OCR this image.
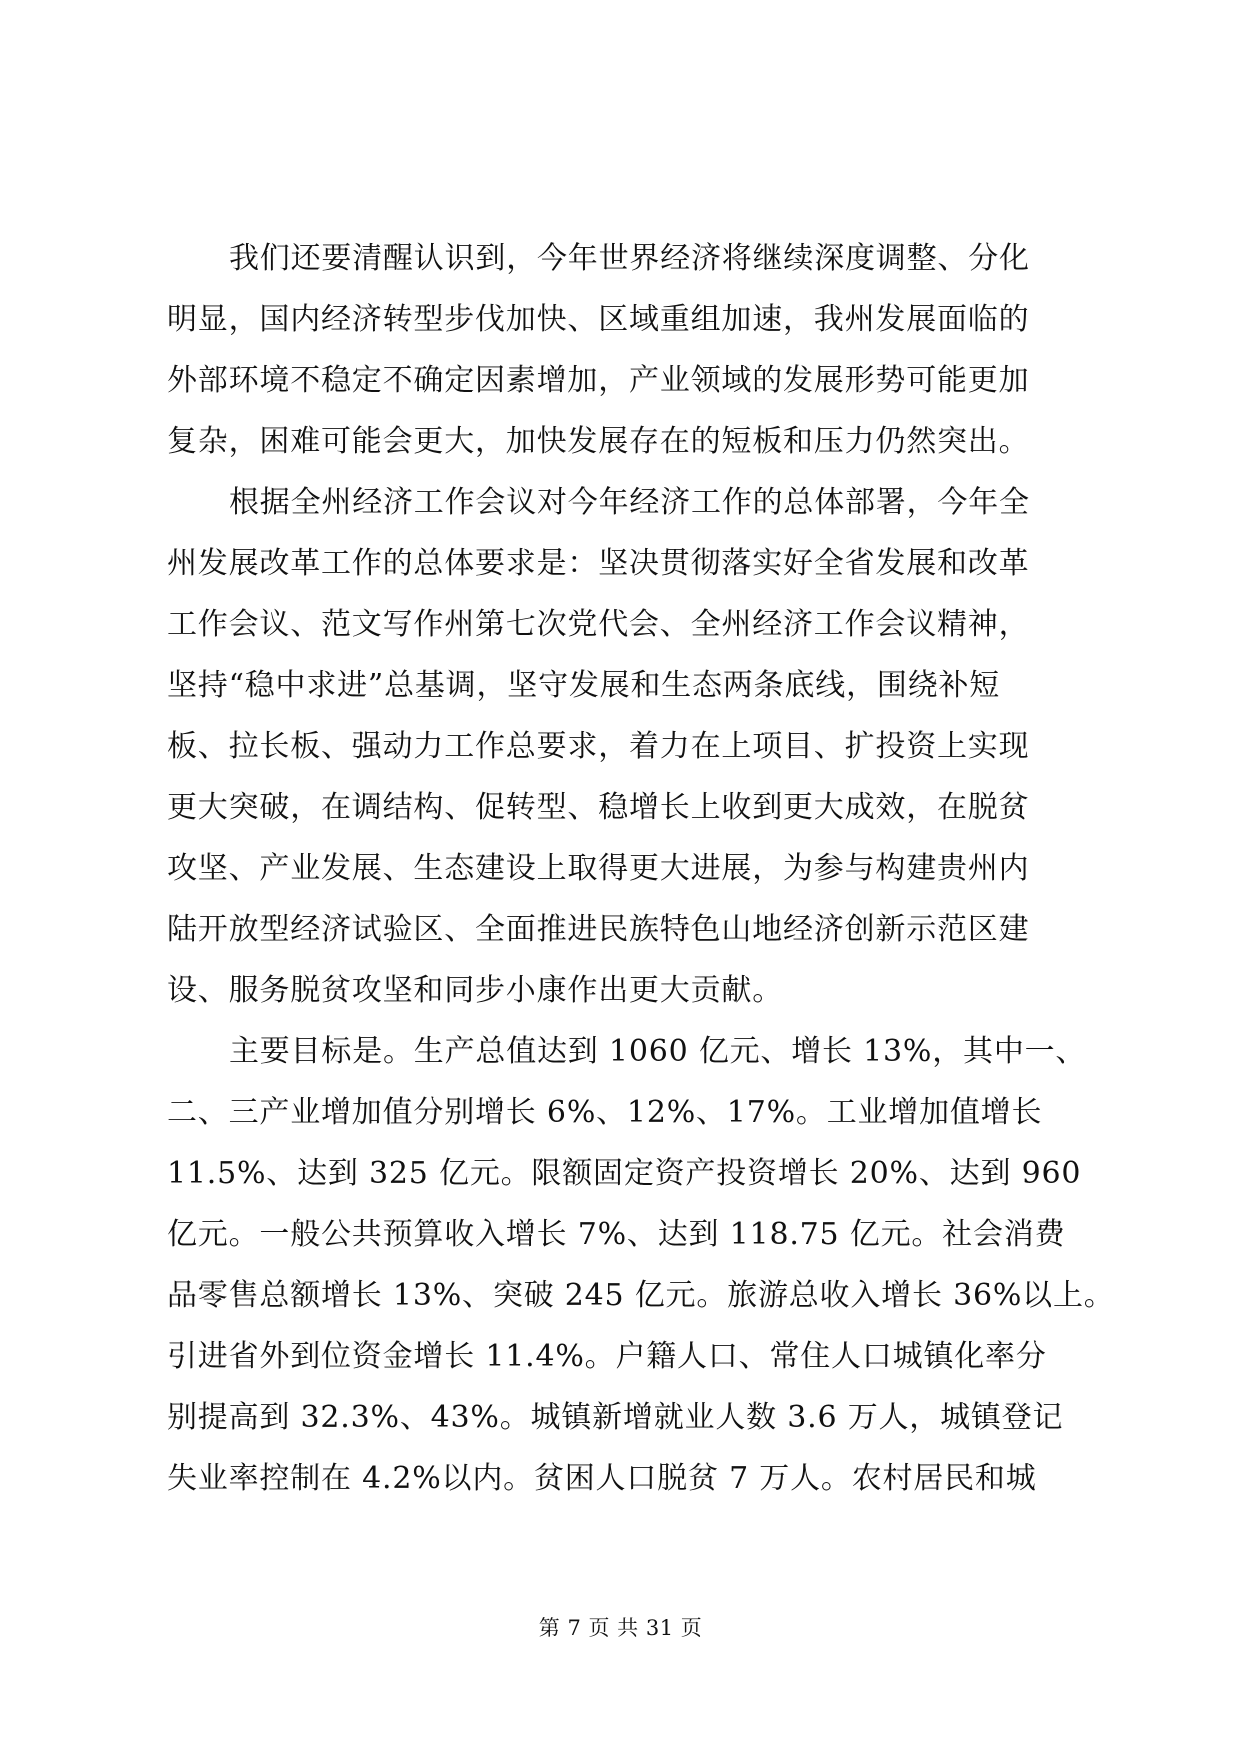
我们还要清醒认识到，今年世界经济将继续深度调整、分化
明显，国内经济转型步伐加快、区域重组加速，我州发展面临的
外部环境不稳定不确定因素增加，产业领域的发展形势可能更加
复杂，困难可能会更大，加快发展存在的短板和压力仍然突出。
根据全州经济工作会议对今年经济工作的总体部署，今年全
州发展改革工作的总体要求是：坚决贯彻落实好全省发展和改革
工作会议、范文写作州第七次党代会、全州经济工作会议精神，
坚持“稳中求进”总基调，坚守发展和生态两条底线，围绕补短
板、拉长板、强动力工作总要求，着力在上项目、扩投资上实现
更大突破，在调结构、促转型、稳增长上收到更大成效，在脱贫
攻坚、产业发展、生态建设上取得更大进展，为参与构建贵州内
陆开放型经济试验区、全面推进民族特色山地经济创新示范区建
设、服务脱贫攻坚和同步小康作出更大贡献。
主要目标是。生产总值达到 1060 亿元、增长 13%，其中一、
二、三产业增加值分别增长 6%、12%、17%。工业增加值增长
11.5%、达到 325 亿元。限额固定资产投资增长 20%、达到 960
亿元。一般公共预算收入增长 7%、达到 118.75 亿元。社会消费
品零售总额增长 13%、突破 245 亿元。旅游总收入增长 36%以上。
引进省外到位资金增长 11.4%。户籍人口、常住人口城镇化率分
别提高到 32.3%、43%。城镇新增就业人数 3.6 万人，城镇登记
失业率控制在 4.2%以内。贫困人口脱贫 7 万人。农村居民和城
第 7 页 共 31 页
